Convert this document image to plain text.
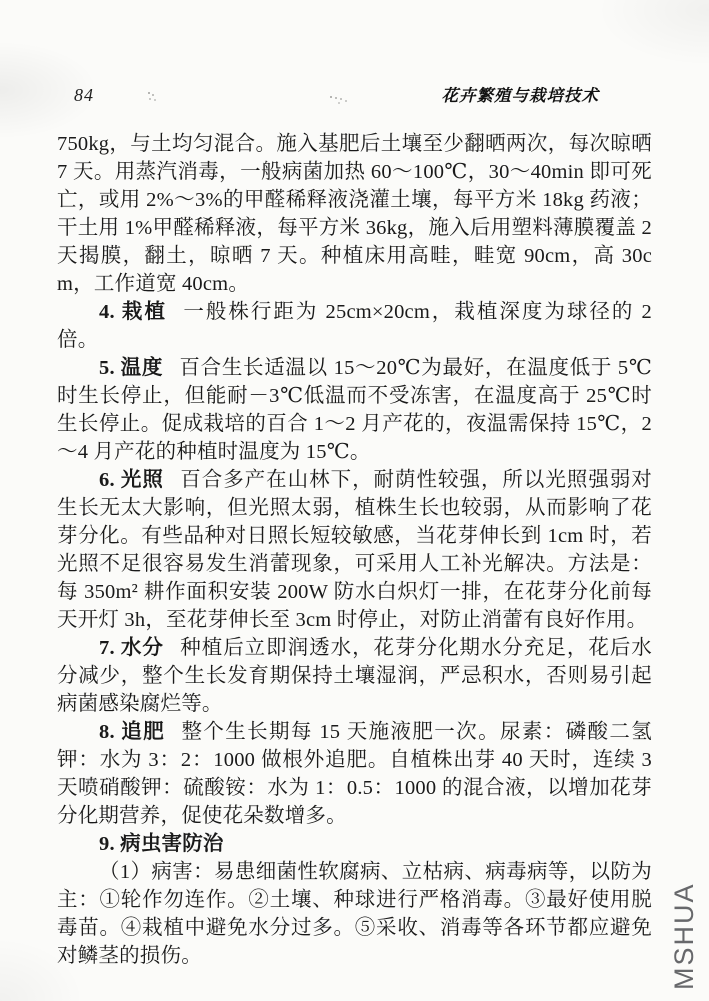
84	花卉繁殖与栽培技术

750kg，与土均匀混合。施入基肥后土壤至少翻晒两次，每次晾晒 7 天。用蒸汽消毒，一般病菌加热 60～100℃，30～40min 即可死亡，或用 2%～3%的甲醛稀释液浇灌土壤，每平方米 18kg 药液；干土用 1%甲醛稀释液，每平方米 36kg，施入后用塑料薄膜覆盖 2 天揭膜，翻土，晾晒 7 天。种植床用高畦，畦宽 90cm，高 30cm，工作道宽 40cm。

4. 栽植 一般株行距为 25cm×20cm，栽植深度为球径的 2 倍。

5. 温度 百合生长适温以 15～20℃为最好，在温度低于 5℃时生长停止，但能耐－3℃低温而不受冻害，在温度高于 25℃时生长停止。促成栽培的百合 1～2 月产花的，夜温需保持 15℃，2～4 月产花的种植时温度为 15℃。

6. 光照 百合多产在山林下，耐荫性较强，所以光照强弱对生长无太大影响，但光照太弱，植株生长也较弱，从而影响了花芽分化。有些品种对日照长短较敏感，当花芽伸长到 1cm 时，若光照不足很容易发生消蕾现象，可采用人工补光解决。方法是：每 350m² 耕作面积安装 200W 防水白炽灯一排，在花芽分化前每天开灯 3h，至花芽伸长至 3cm 时停止，对防止消蕾有良好作用。

7. 水分 种植后立即润透水，花芽分化期水分充足，花后水分减少，整个生长发育期保持土壤湿润，严忌积水，否则易引起病菌感染腐烂等。

8. 追肥 整个生长期每 15 天施液肥一次。尿素：磷酸二氢钾：水为 3：2：1000 做根外追肥。自植株出芽 40 天时，连续 3 天喷硝酸钾：硫酸铵：水为 1：0.5：1000 的混合液，以增加花芽分化期营养，促使花朵数增多。

9. 病虫害防治

（1）病害：易患细菌性软腐病、立枯病、病毒病等，以防为主：①轮作勿连作。②土壤、种球进行严格消毒。③最好使用脱毒苗。④栽植中避免水分过多。⑤采收、消毒等各环节都应避免对鳞茎的损伤。	MSHUA
